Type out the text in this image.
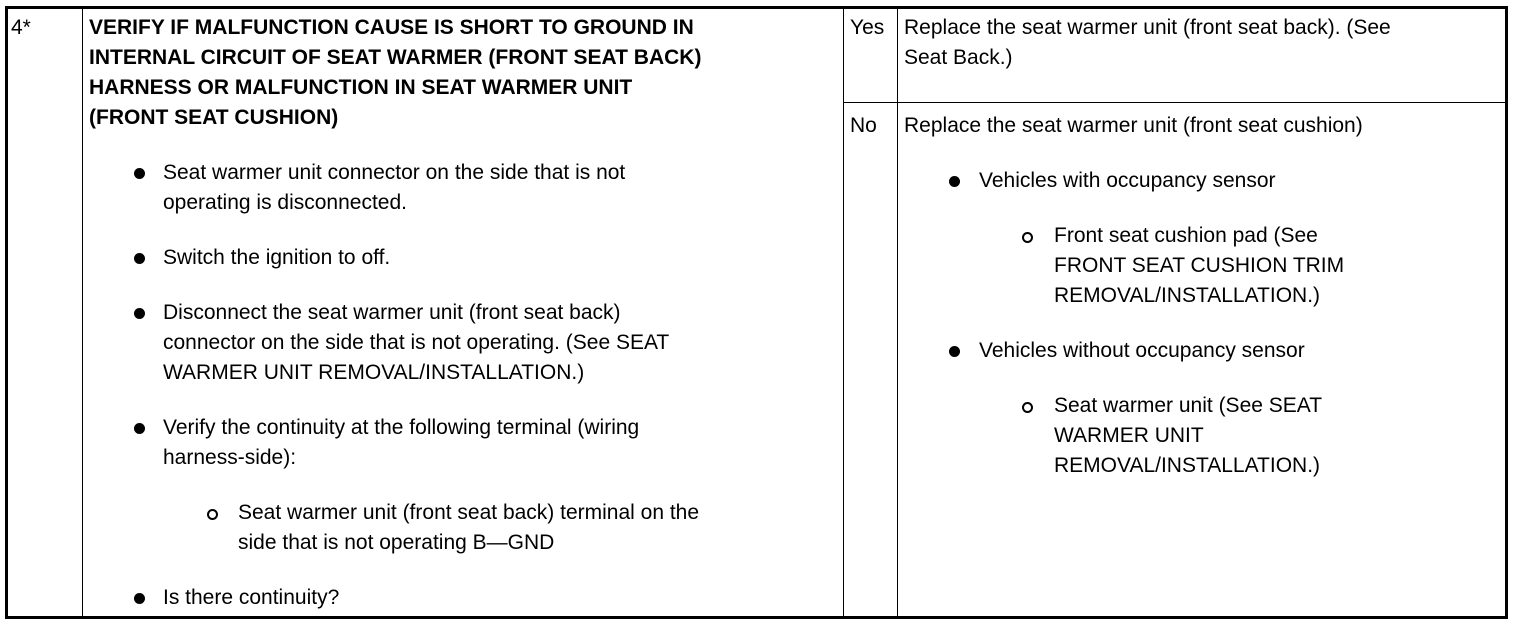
4*	VERIFY IF MALFUNCTION CAUSE IS SHORT TO GROUND IN
INTERNAL CIRCUIT OF SEAT WARMER (FRONT SEAT BACK)
HARNESS OR MALFUNCTION IN SEAT WARMER UNIT
(FRONT SEAT CUSHION)
Seat warmer unit connector on the side that is not
operating is disconnected.
Switch the ignition to off.
Disconnect the seat warmer unit (front seat back)
connector on the side that is not operating. (See SEAT
WARMER UNIT REMOVAL/INSTALLATION.)
Verify the continuity at the following terminal (wiring
harness-side):
Seat warmer unit (front seat back) terminal on the
side that is not operating B—GND
Is there continuity?
Yes Replace the seat warmer unit (front seat back). (See
Seat Back.)
No Replace the seat warmer unit (front seat cushion)
Vehicles with occupancy sensor
Front seat cushion pad (See
FRONT SEAT CUSHION TRIM
REMOVAL/INSTALLATION.)
Vehicles without occupancy sensor
Seat warmer unit (See SEAT
WARMER UNIT
REMOVAL/INSTALLATION.)
